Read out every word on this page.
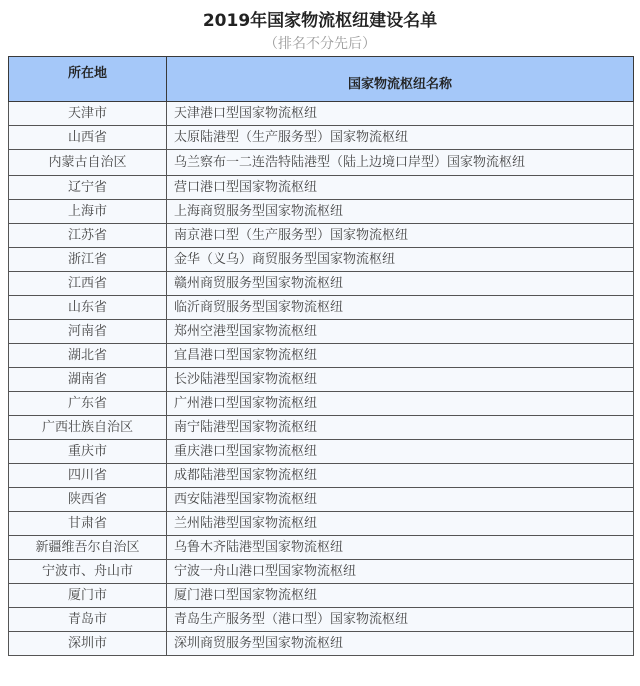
2019年国家物流枢纽建设名单
（排名不分先后）
所在地	国家物流枢纽名称
天津市	天津港口型国家物流枢纽
山西省	太原陆港型（生产服务型）国家物流枢纽
内蒙古自治区	乌兰察布一二连浩特陆港型（陆上边境口岸型）国家物流枢纽
辽宁省	营口港口型国家物流枢纽
上海市	上海商贸服务型国家物流枢纽
江苏省	南京港口型（生产服务型）国家物流枢纽
浙江省	金华（义乌）商贸服务型国家物流枢纽
江西省	赣州商贸服务型国家物流枢纽
山东省	临沂商贸服务型国家物流枢纽
河南省	郑州空港型国家物流枢纽
湖北省	宜昌港口型国家物流枢纽
湖南省	长沙陆港型国家物流枢纽
广东省	广州港口型国家物流枢纽
广西壮族自治区	南宁陆港型国家物流枢纽
重庆市	重庆港口型国家物流枢纽
四川省	成都陆港型国家物流枢纽
陕西省	西安陆港型国家物流枢纽
甘肃省	兰州陆港型国家物流枢纽
新疆维吾尔自治区	乌鲁木齐陆港型国家物流枢纽
宁波市、舟山市	宁波一舟山港口型国家物流枢纽
厦门市	厦门港口型国家物流枢纽
青岛市	青岛生产服务型（港口型）国家物流枢纽
深圳市	深圳商贸服务型国家物流枢纽
